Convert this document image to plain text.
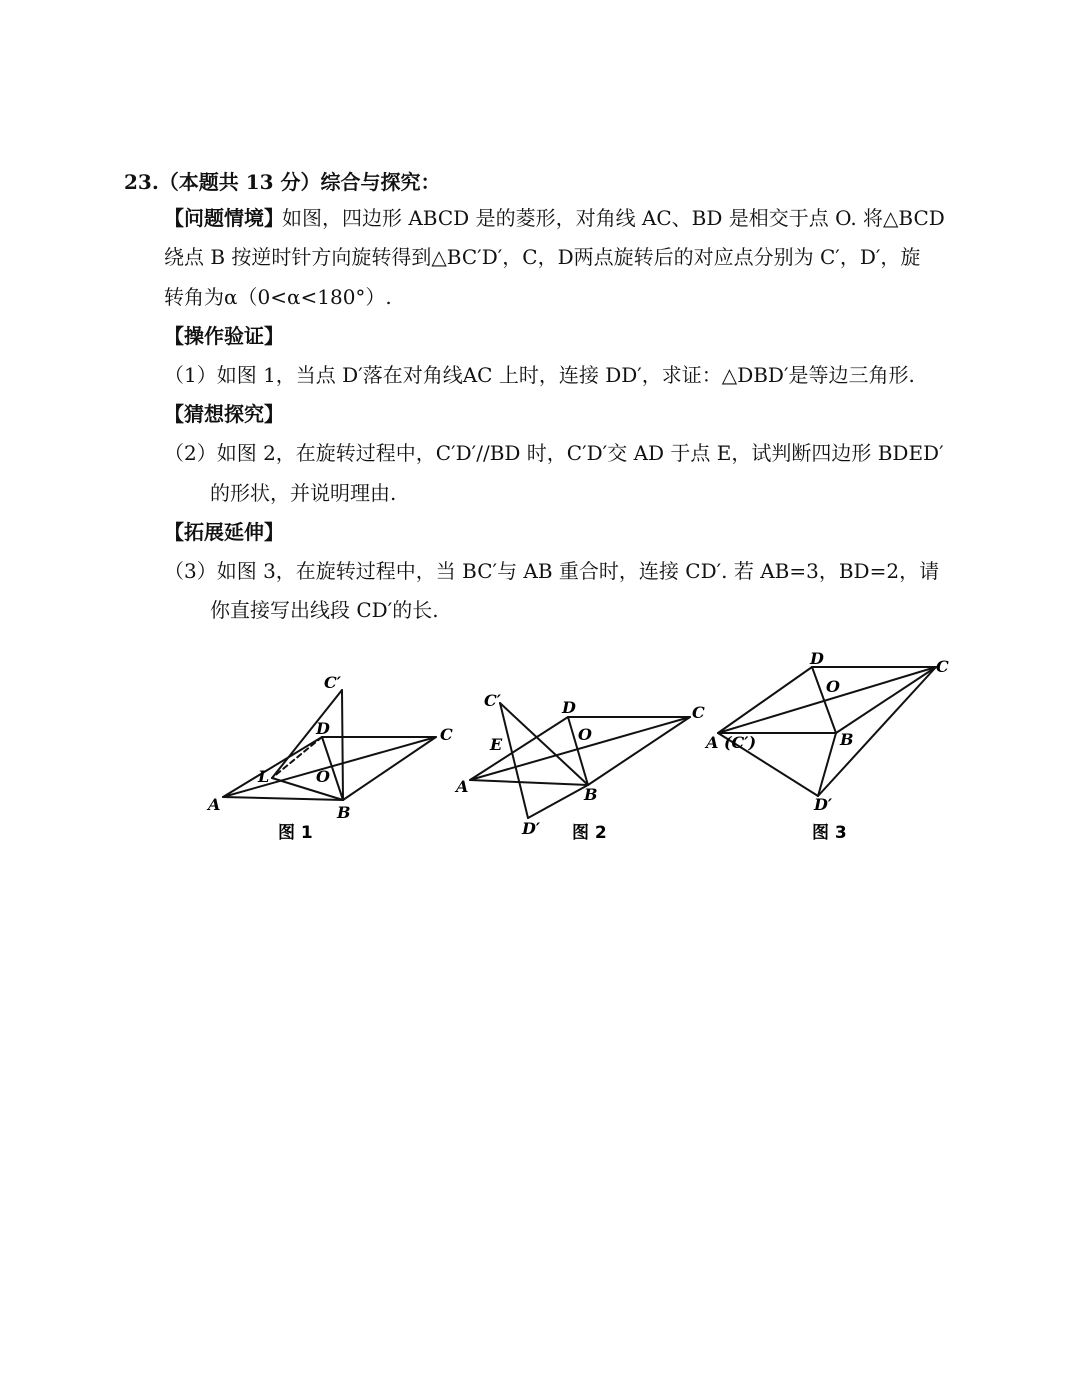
23.（本题共 13 分）综合与探究：
【问题情境】
如图，四边形 ABCD 是的菱形，对角线 AC、BD 是相交于点 O. 将△BCD
绕点 B 按逆时针方向旋转得到△BC′D′，C，D两点旋转后的对应点分别为 C′，D′，旋
转角为α（0<α<180°）.
【操作验证】
（1）如图 1，当点 D′落在对角线AC 上时，连接 DD′，求证：△DBD′是等边三角形.
【猜想探究】
（2）如图 2，在旋转过程中，C′D′//BD 时，C′D′交 AD 于点 E，试判断四边形 BDED′
的形状，并说明理由.
【拓展延伸】
（3）如图 3，在旋转过程中，当 BC′与 AB 重合时，连接 CD′. 若 AB=3，BD=2，请
你直接写出线段 CD′的长.
A	B
C
D
C′
L	O
A	B
C
D
C′
D′
O
E	A (C′)	B
C
D
D′
O
图 1	图 2	图 3
